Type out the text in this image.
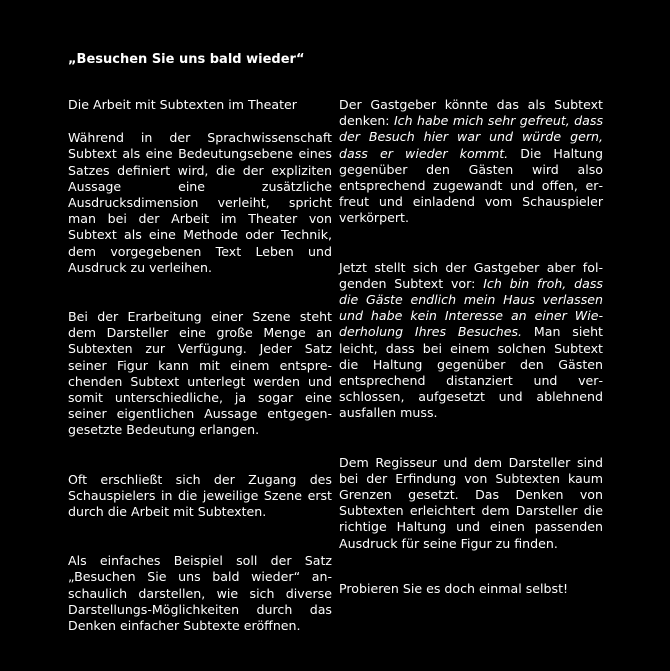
„Besuchen Sie uns bald wieder“

Die Arbeit mit Subtexten im Theater

Während in der Sprachwissenschaft Subtext als eine Bedeutungsebene eines Satzes definiert wird, die der expliziten Aussage eine zusätzliche Ausdrucksdimension verleiht, spricht man bei der Arbeit im Theater von Subtext als eine Methode oder Technik, dem vorgegebenen Text Leben und Ausdruck zu verleihen.

Bei der Erarbeitung einer Szene steht dem Darsteller eine große Menge an Subtexten zur Verfügung. Jeder Satz seiner Figur kann mit einem entsprechenden Subtext unterlegt werden und somit unterschiedliche, ja sogar eine seiner eigentlichen Aussage entgegengesetzte Bedeutung erlangen.

Oft erschließt sich der Zugang des Schauspielers in die jeweilige Szene erst durch die Arbeit mit Subtexten.

Als einfaches Beispiel soll der Satz „Besuchen Sie uns bald wieder“ anschaulich darstellen, wie sich diverse Darstellungs-Möglichkeiten durch das Denken einfacher Subtexte eröffnen.

Der Gastgeber könnte das als Subtext denken: Ich habe mich sehr gefreut, dass der Besuch hier war und würde gern, dass er wieder kommt. Die Haltung gegenüber den Gästen wird also entsprechend zugewandt und offen, erfreut und einladend vom Schauspieler verkörpert.

Jetzt stellt sich der Gastgeber aber folgenden Subtext vor: Ich bin froh, dass die Gäste endlich mein Haus verlassen und habe kein Interesse an einer Wiederholung Ihres Besuches. Man sieht leicht, dass bei einem solchen Subtext die Haltung gegenüber den Gästen entsprechend distanziert und verschlossen, aufgesetzt und ablehnend ausfallen muss.

Dem Regisseur und dem Darsteller sind bei der Erfindung von Subtexten kaum Grenzen gesetzt. Das Denken von Subtexten erleichtert dem Darsteller die richtige Haltung und einen passenden Ausdruck für seine Figur zu finden.

Probieren Sie es doch einmal selbst!
